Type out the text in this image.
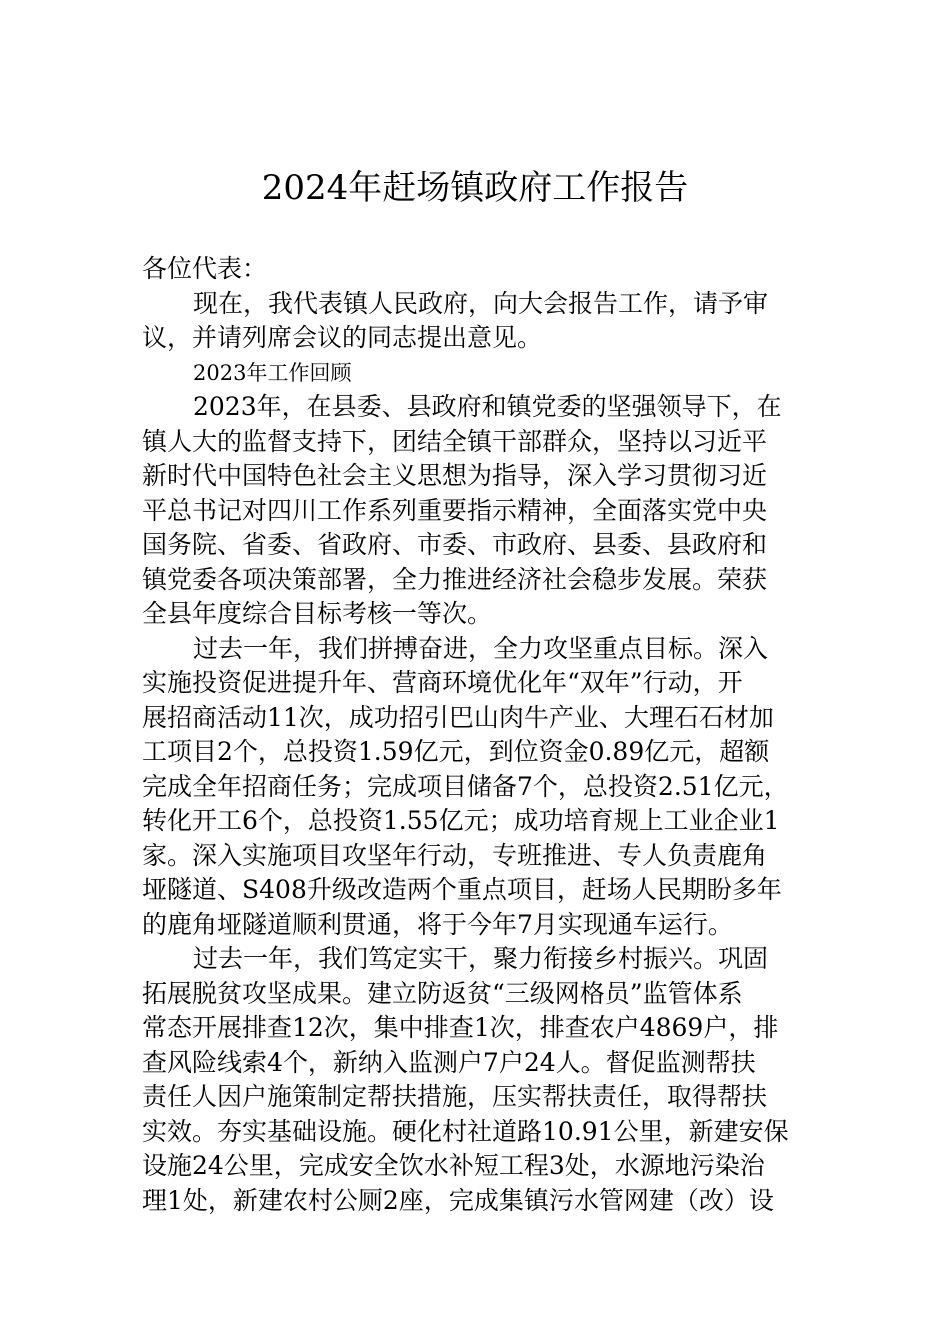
2024年赶场镇政府工作报告
各位代表：
现在，我代表镇人民政府，向大会报告工作，请予审
议，并请列席会议的同志提出意见。
2023年工作回顾
2023年，在县委、县政府和镇党委的坚强领导下，在
镇人大的监督支持下，团结全镇干部群众，坚持以习近平
新时代中国特色社会主义思想为指导，深入学习贯彻习近
平总书记对四川工作系列重要指示精神，全面落实党中央
国务院、省委、省政府、市委、市政府、县委、县政府和
镇党委各项决策部署，全力推进经济社会稳步发展。荣获
全县年度综合目标考核一等次。
过去一年，我们拼搏奋进，全力攻坚重点目标。深入
实施投资促进提升年、营商环境优化年“双年”行动，开
展招商活动11次，成功招引巴山肉牛产业、大理石石材加
工项目2个，总投资1.59亿元，到位资金0.89亿元，超额
完成全年招商任务；完成项目储备7个，总投资2.51亿元，
转化开工6个，总投资1.55亿元；成功培育规上工业企业1
家。深入实施项目攻坚年行动，专班推进、专人负责鹿角
垭隧道、S408升级改造两个重点项目，赶场人民期盼多年
的鹿角垭隧道顺利贯通，将于今年7月实现通车运行。
过去一年，我们笃定实干，聚力衔接乡村振兴。巩固
拓展脱贫攻坚成果。建立防返贫“三级网格员”监管体系
常态开展排查12次，集中排查1次，排查农户4869户，排
查风险线索4个，新纳入监测户7户24人。督促监测帮扶
责任人因户施策制定帮扶措施，压实帮扶责任，取得帮扶
实效。夯实基础设施。硬化村社道路10.91公里，新建安保
设施24公里，完成安全饮水补短工程3处，水源地污染治
理1处，新建农村公厕2座，完成集镇污水管网建（改）设
